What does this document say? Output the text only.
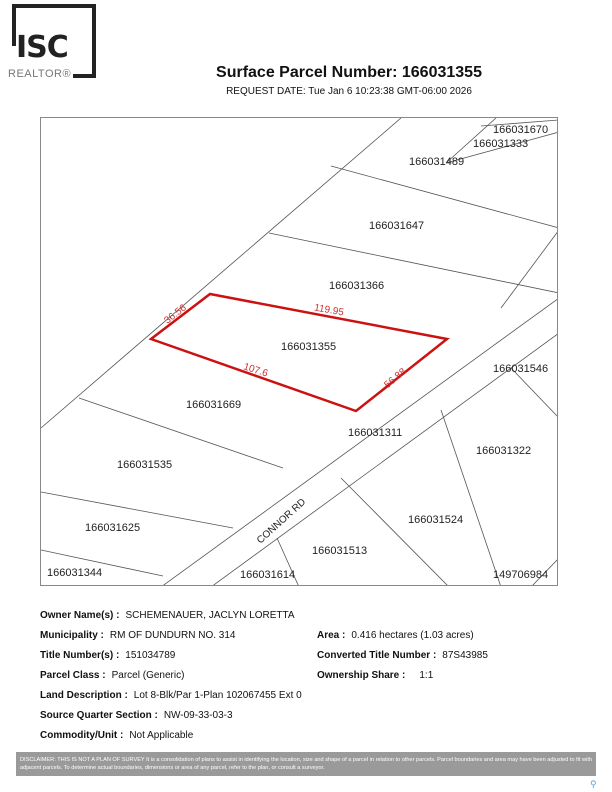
ISC
REALTOR®	Surface Parcel Number: 166031355
REQUEST DATE: Tue Jan 6 10:23:38 GMT-06:00 2026
166031670
166031333
166031489
166031647
166031366
166031355
166031546
166031669
166031311
166031322
166031535
166031524
166031625
166031513
166031344	166031614	149706984
36.56	119.95
107.6	56.88
CONNOR RD
Owner Name(s) : SCHEMENAUER, JACLYN LORETTA
Municipality : RM OF DUNDURN NO. 314	Area : 0.416 hectares (1.03 acres)
Title Number(s) : 151034789	Converted Title Number : 87S43985
Parcel Class : Parcel (Generic)	Ownership Share : 1:1
Land Description : Lot 8-Blk/Par 1-Plan 102067455 Ext 0
Source Quarter Section : NW-09-33-03-3
Commodity/Unit : Not Applicable
DISCLAIMER: THIS IS NOT A PLAN OF SURVEY It is a consolidation of plans to assist in identifying the location, size and shape of a parcel in relation to other parcels. Parcel boundaries and area may have been adjusted to fit with adjacent parcels. To determine actual boundaries, dimensions or area of any parcel, refer to the plan, or consult a surveyor.
⚲
